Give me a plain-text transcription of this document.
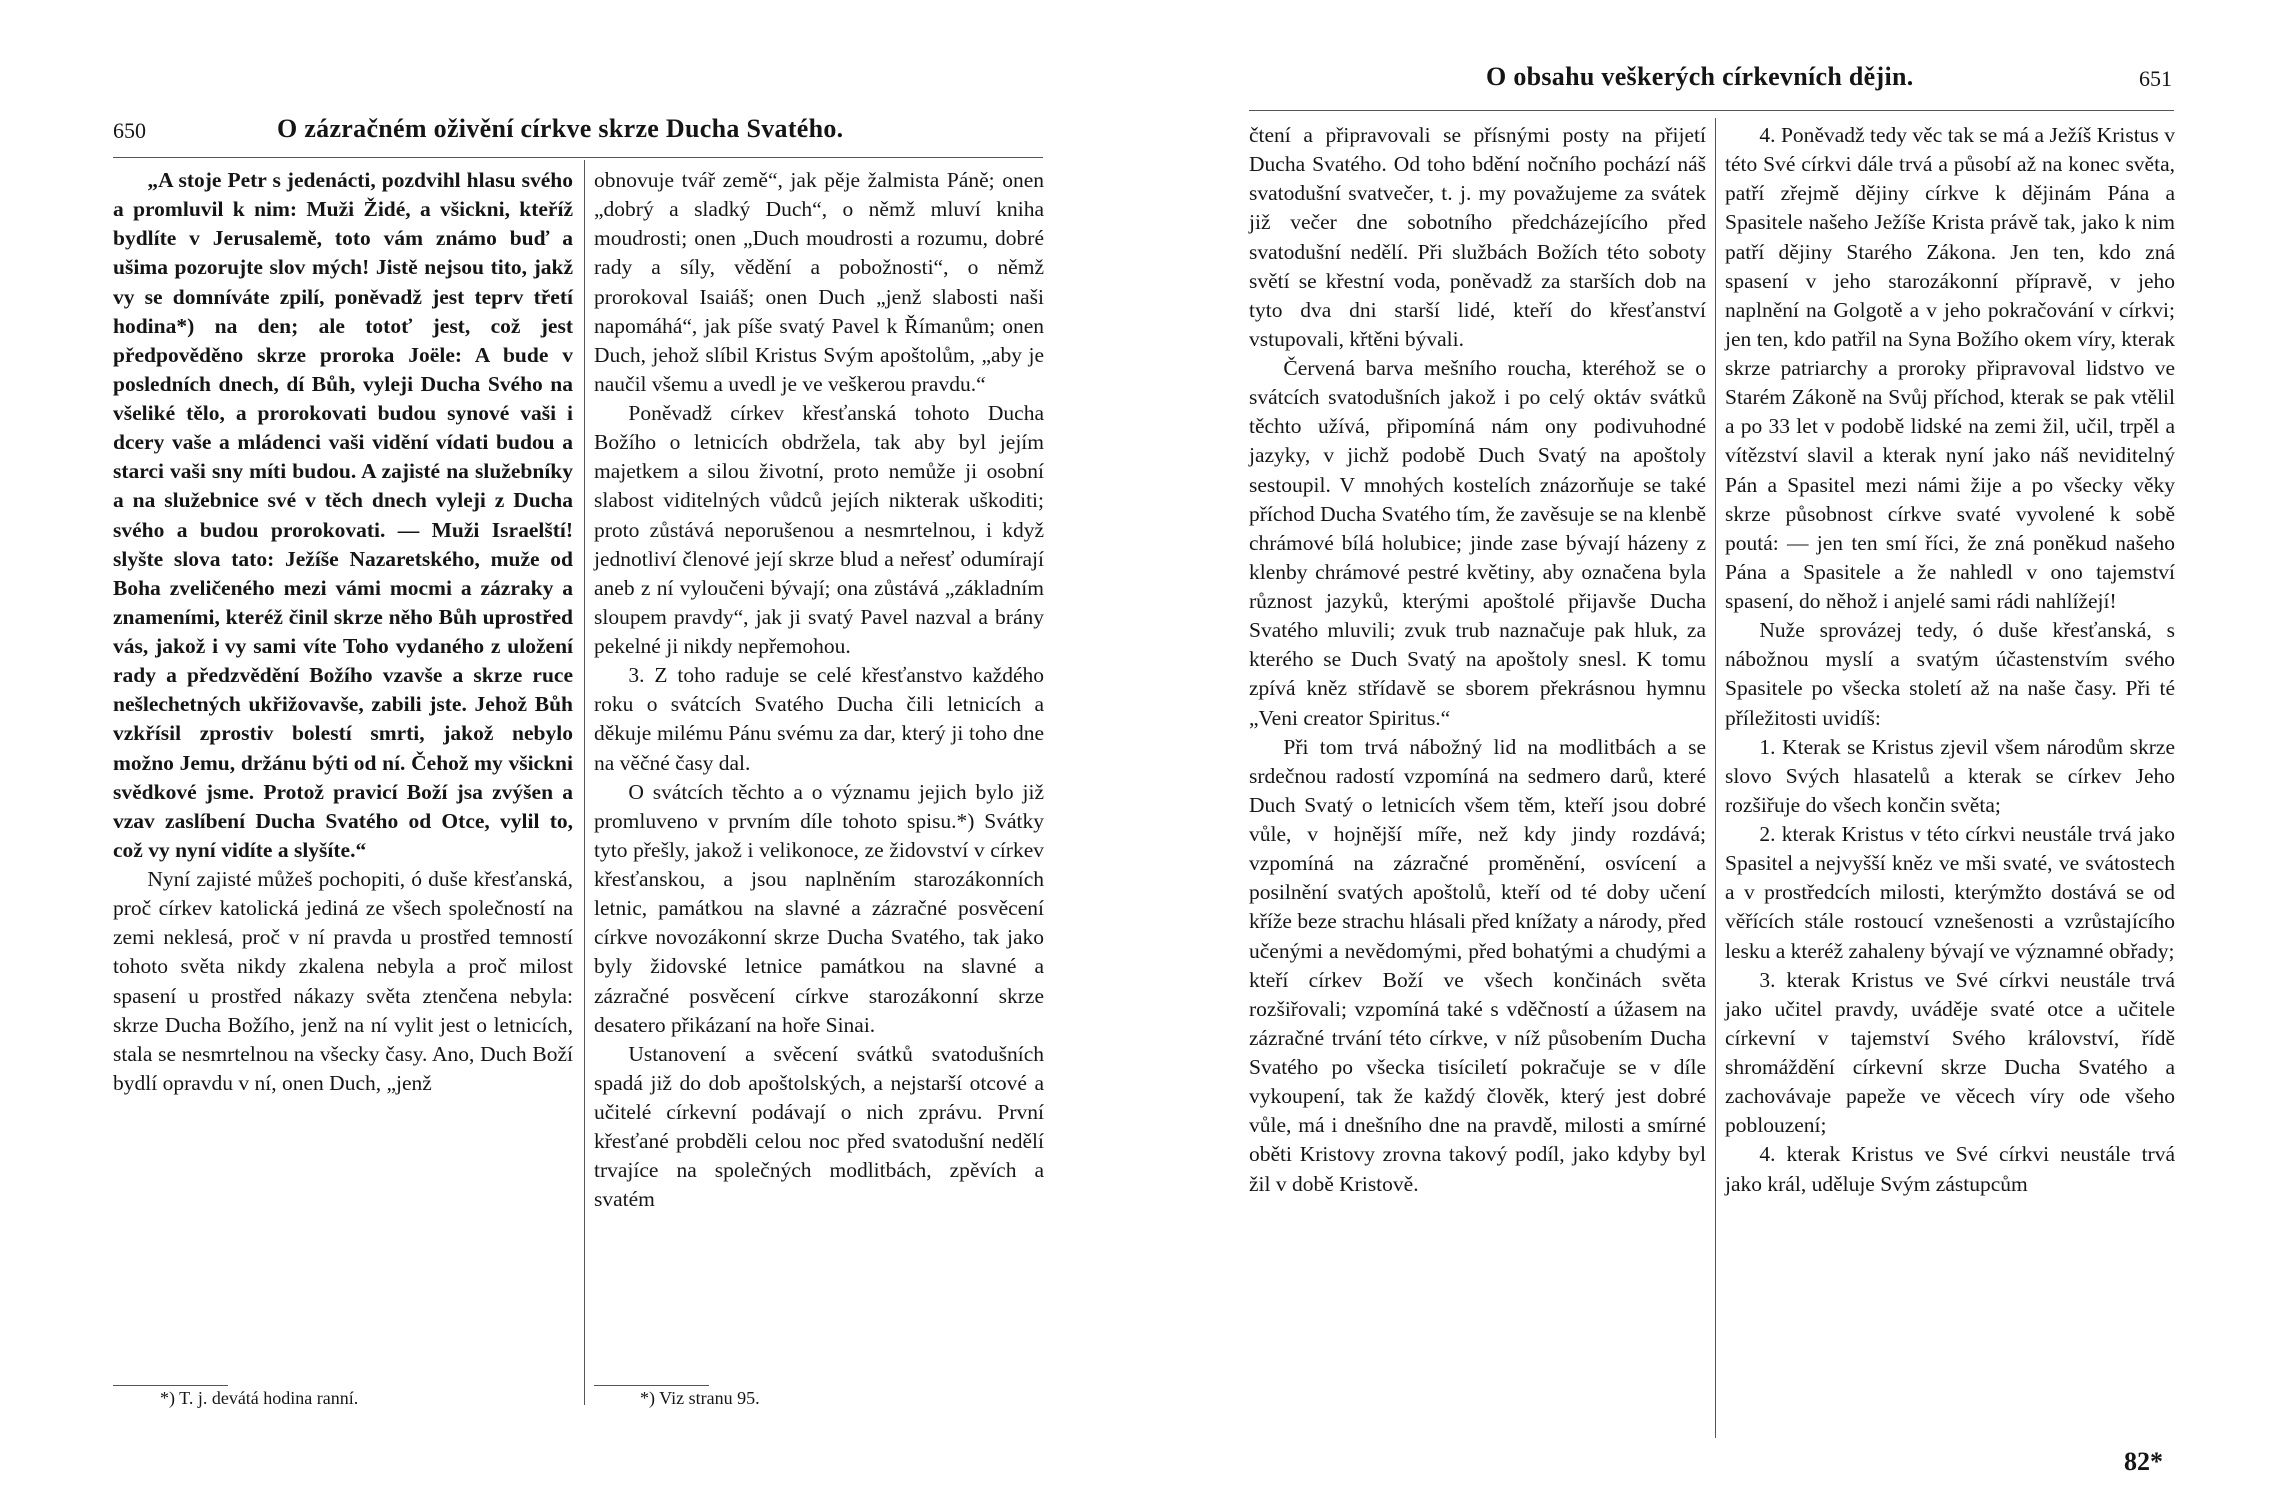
650	O zázračném oživění církve skrze Ducha Svatého.

„A stoje Petr s jedenácti, pozdvihl hlasu svého a promluvil k nim: Muži Židé, a všickni, kteříž bydlíte v Jerusalemě, toto vám známo buď a ušima pozorujte slov mých! Jistě nejsou tito, jakž vy se domníváte zpilí, poněvadž jest teprv třetí hodina*) na den; ale totoť jest, což jest předpověděno skrze proroka Joële: A bude v posledních dnech, dí Bůh, vyleji Ducha Svého na všeliké tělo, a prorokovati budou synové vaši i dcery vaše a mládenci vaši vidění vídati budou a starci vaši sny míti budou. A zajisté na služebníky a na služebnice své v těch dnech vyleji z Ducha svého a budou prorokovati. — Muži Israelští! slyšte slova tato: Ježíše Nazaretského, muže od Boha zveličeného mezi vámi mocmi a zázraky a znameními, kteréž činil skrze něho Bůh uprostřed vás, jakož i vy sami víte Toho vydaného z uložení rady a předzvědění Božího vzavše a skrze ruce nešlechetných ukřižovavše, zabili jste. Jehož Bůh vzkřísil zprostiv bolestí smrti, jakož nebylo možno Jemu, držánu býti od ní. Čehož my všickni svědkové jsme. Protož pravicí Boží jsa zvýšen a vzav zaslíbení Ducha Svatého od Otce, vylil to, což vy nyní vidíte a slyšíte.“

Nyní zajisté můžeš pochopiti, ó duše křesťanská, proč církev katolická jediná ze všech společností na zemi neklesá, proč v ní pravda u prostřed temností tohoto světa nikdy zkalena nebyla a proč milost spasení u prostřed nákazy světa ztenčena nebyla: skrze Ducha Božího, jenž na ní vylit jest o letnicích, stala se nesmrtelnou na všecky časy. Ano, Duch Boží bydlí opravdu v ní, onen Duch, „jenž

*) T. j. devátá hodina ranní.

obnovuje tvář země“, jak pěje žalmista Páně; onen „dobrý a sladký Duch“, o němž mluví kniha moudrosti; onen „Duch moudrosti a rozumu, dobré rady a síly, vědění a pobožnosti“, o němž prorokoval Isaiáš; onen Duch „jenž slabosti naši napomáhá“, jak píše svatý Pavel k Římanům; onen Duch, jehož slíbil Kristus Svým apoštolům, „aby je naučil všemu a uvedl je ve veškerou pravdu.“

Poněvadž církev křesťanská tohoto Ducha Božího o letnicích obdržela, tak aby byl jejím majetkem a silou životní, proto nemůže ji osobní slabost viditelných vůdců jejích nikterak uškoditi; proto zůstává neporušenou a nesmrtelnou, i když jednotliví členové její skrze blud a neřesť odumírají aneb z ní vyloučeni bývají; ona zůstává „základním sloupem pravdy“, jak ji svatý Pavel nazval a brány pekelné ji nikdy nepřemohou.

3. Z toho raduje se celé křesťanstvo každého roku o svátcích Svatého Ducha čili letnicích a děkuje milému Pánu svému za dar, který ji toho dne na věčné časy dal.

O svátcích těchto a o významu jejich bylo již promluveno v prvním díle tohoto spisu.*) Svátky tyto přešly, jakož i velikonoce, ze židovství v církev křesťanskou, a jsou naplněním starozákonních letnic, památkou na slavné a zázračné posvěcení církve novozákonní skrze Ducha Svatého, tak jako byly židovské letnice památkou na slavné a zázračné posvěcení církve starozákonní skrze desatero přikázaní na hoře Sinai.

Ustanovení a svěcení svátků svatodušních spadá již do dob apoštolských, a nejstarší otcové a učitelé církevní podávají o nich zprávu. První křesťané probděli celou noc před svatodušní nedělí trvajíce na společných modlitbách, zpěvích a svatém

*) Viz stranu 95.
O obsahu veškerých církevních dějin.	651

čtení a připravovali se přísnými posty na přijetí Ducha Svatého. Od toho bdění nočního pochází náš svatodušní svatvečer, t. j. my považujeme za svátek již večer dne sobotního předcházejícího před svatodušní nedělí. Při službách Božích této soboty světí se křestní voda, poněvadž za starších dob na tyto dva dni starší lidé, kteří do křesťanství vstupovali, křtěni bývali.

Červená barva mešního roucha, kteréhož se o svátcích svatodušních jakož i po celý oktáv svátků těchto užívá, připomíná nám ony podivuhodné jazyky, v jichž podobě Duch Svatý na apoštoly sestoupil. V mnohých kostelích znázorňuje se také příchod Ducha Svatého tím, že zavěsuje se na klenbě chrámové bílá holubice; jinde zase bývají házeny z klenby chrámové pestré květiny, aby označena byla různost jazyků, kterými apoštolé přijavše Ducha Svatého mluvili; zvuk trub naznačuje pak hluk, za kterého se Duch Svatý na apoštoly snesl. K tomu zpívá kněz střídavě se sborem překrásnou hymnu „Veni creator Spiritus.“

Při tom trvá nábožný lid na modlitbách a se srdečnou radostí vzpomíná na sedmero darů, které Duch Svatý o letnicích všem těm, kteří jsou dobré vůle, v hojnější míře, než kdy jindy rozdává; vzpomíná na zázračné proměnění, osvícení a posilnění svatých apoštolů, kteří od té doby učení kříže beze strachu hlásali před knížaty a národy, před učenými a nevědomými, před bohatými a chudými a kteří církev Boží ve všech končinách světa rozšiřovali; vzpomíná také s vděčností a úžasem na zázračné trvání této církve, v níž působením Ducha Svatého po všecka tisíciletí pokračuje se v díle vykoupení, tak že každý člověk, který jest dobré vůle, má i dnešního dne na pravdě, milosti a smírné oběti Kristovy zrovna takový podíl, jako kdyby byl žil v době Kristově.

4. Poněvadž tedy věc tak se má a Ježíš Kristus v této Své církvi dále trvá a působí až na konec světa, patří zřejmě dějiny církve k dějinám Pána a Spasitele našeho Ježíše Krista právě tak, jako k nim patří dějiny Starého Zákona. Jen ten, kdo zná spasení v jeho starozákonní přípravě, v jeho naplnění na Golgotě a v jeho pokračování v církvi; jen ten, kdo patřil na Syna Božího okem víry, kterak skrze patriarchy a proroky připravoval lidstvo ve Starém Zákoně na Svůj příchod, kterak se pak vtělil a po 33 let v podobě lidské na zemi žil, učil, trpěl a vítězství slavil a kterak nyní jako náš neviditelný Pán a Spasitel mezi námi žije a po všecky věky skrze působnost církve svaté vyvolené k sobě poutá: — jen ten smí říci, že zná poněkud našeho Pána a Spasitele a že nahledl v ono tajemství spasení, do něhož i anjelé sami rádi nahlížejí!

Nuže sprovázej tedy, ó duše křesťanská, s nábožnou myslí a svatým účastenstvím svého Spasitele po všecka století až na naše časy. Při té příležitosti uvidíš:

1. Kterak se Kristus zjevil všem národům skrze slovo Svých hlasatelů a kterak se církev Jeho rozšiřuje do všech končin světa;

2. kterak Kristus v této církvi neustále trvá jako Spasitel a nejvyšší kněz ve mši svaté, ve svátostech a v prostředcích milosti, kterýmžto dostává se od věřících stále rostoucí vznešenosti a vzrůstajícího lesku a kteréž zahaleny bývají ve významné obřady;

3. kterak Kristus ve Své církvi neustále trvá jako učitel pravdy, uváděje svaté otce a učitele církevní v tajemství Svého království, řídě shromáždění církevní skrze Ducha Svatého a zachovávaje papeže ve věcech víry ode všeho poblouzení;

4. kterak Kristus ve Své církvi neustále trvá jako král, uděluje Svým zástupcům

82*
